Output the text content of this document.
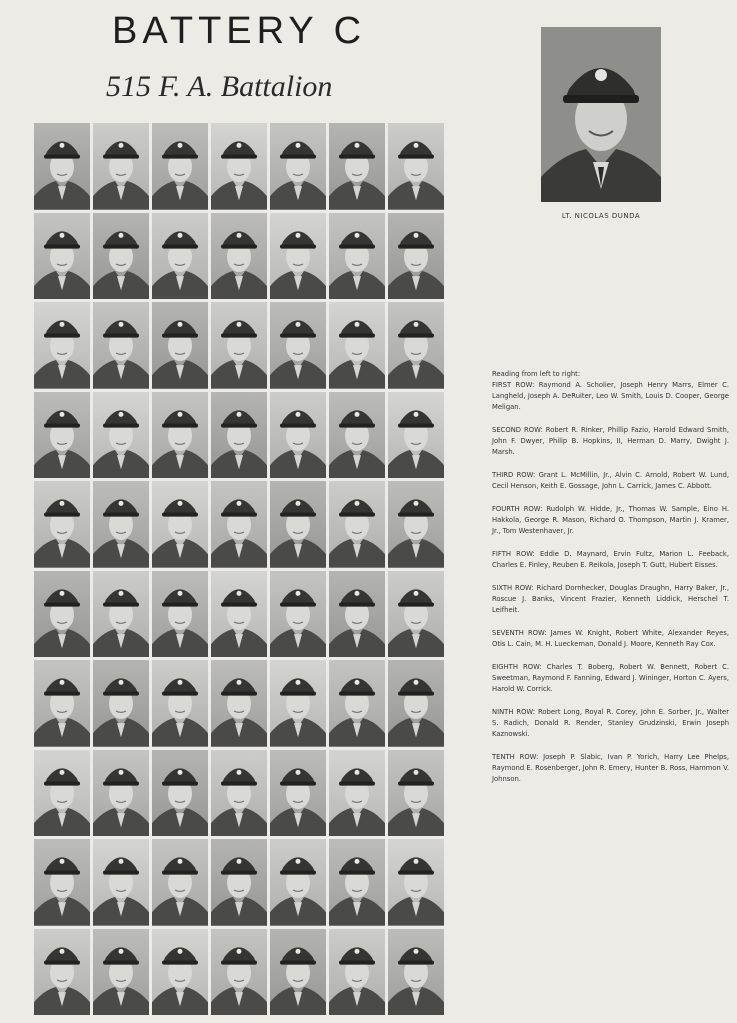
BATTERY C
515 F. A. Battalion
LT. NICOLAS DUNDA
Reading from left to right:
FIRST ROW: Raymond A. Scholier, Joseph Henry Marrs, Elmer C. Langheld, Joseph A. DeRuiter, Leo W. Smith, Louis D. Cooper, George Meligan.
SECOND ROW: Robert R. Rinker, Phillip Fazio, Harold Edward Smith, John F. Dwyer, Philip B. Hopkins, II, Herman D. Marry, Dwight J. Marsh.
THIRD ROW: Grant L. McMillin, Jr., Alvin C. Arnold, Robert W. Lund, Cecil Henson, Keith E. Gossage, John L. Carrick, James C. Abbott.
FOURTH ROW: Rudolph W. Hidde, Jr., Thomas W. Sample, Eino H. Hakkola, George R. Mason, Richard O. Thompson, Martin J. Kramer, Jr., Tom Westenhaver, Jr.
FIFTH ROW: Eddie D. Maynard, Ervin Fultz, Marion L. Feeback, Charles E. Finley, Reuben E. Reikola, Joseph T. Gutt, Hubert Eisses.
SIXTH ROW: Richard Dornhecker, Douglas Draughn, Harry Baker, Jr., Roscue J. Banks, Vincent Frazier, Kenneth Liddick, Herschel T. Leifheit.
SEVENTH ROW: James W. Knight, Robert White, Alexander Reyes, Otis L. Cain, M. H. Lueckeman, Donald J. Moore, Kenneth Ray Cox.
EIGHTH ROW: Charles T. Boberg, Robert W. Bennett, Robert C. Sweetman, Raymond F. Fanning, Edward J. Wininger, Horton C. Ayers, Harold W. Corrick.
NINTH ROW: Robert Long, Royal R. Corey, John E. Sorber, Jr., Walter S. Radich, Donald R. Render, Stanley Grudzinski, Erwin Joseph Kaznowski.
TENTH ROW: Joseph P. Slabic, Ivan P. Yorich, Harry Lee Phelps, Raymond E. Rosenberger, John R. Emery, Hunter B. Ross, Hammon V. Johnson.
